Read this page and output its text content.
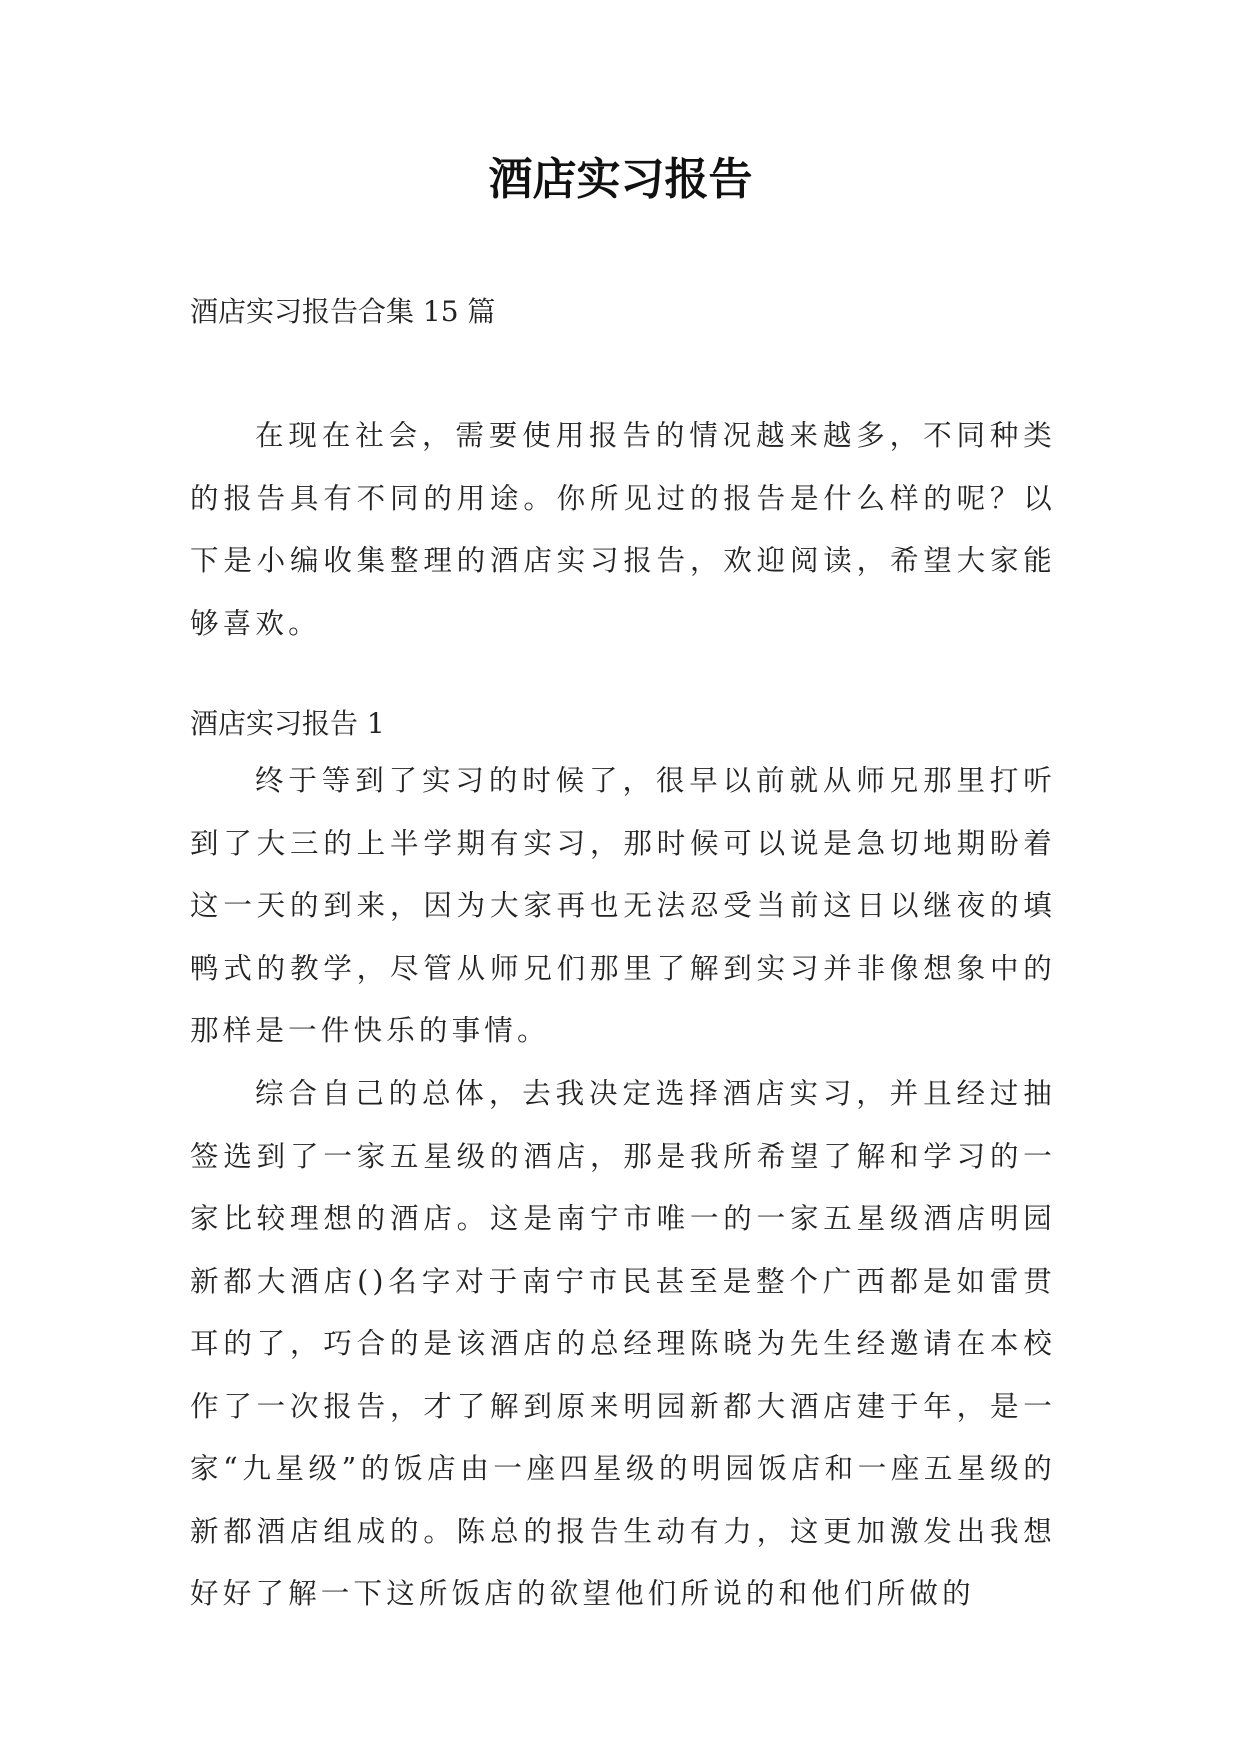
酒店实习报告

酒店实习报告合集 15 篇

在现在社会，需要使用报告的情况越来越多，不同种类的报告具有不同的用途。你所见过的报告是什么样的呢？以下是小编收集整理的酒店实习报告，欢迎阅读，希望大家能够喜欢。

酒店实习报告 1

终于等到了实习的时候了，很早以前就从师兄那里打听到了大三的上半学期有实习，那时候可以说是急切地期盼着这一天的到来，因为大家再也无法忍受当前这日以继夜的填鸭式的教学，尽管从师兄们那里了解到实习并非像想象中的那样是一件快乐的事情。

综合自己的总体，去我决定选择酒店实习，并且经过抽签选到了一家五星级的酒店，那是我所希望了解和学习的一家比较理想的酒店。这是南宁市唯一的一家五星级酒店明园新都大酒店()名字对于南宁市民甚至是整个广西都是如雷贯耳的了，巧合的是该酒店的总经理陈晓为先生经邀请在本校作了一次报告，才了解到原来明园新都大酒店建于年，是一家“九星级”的饭店由一座四星级的明园饭店和一座五星级的新都酒店组成的。陈总的报告生动有力，这更加激发出我想好好了解一下这所饭店的欲望他们所说的和他们所做的
